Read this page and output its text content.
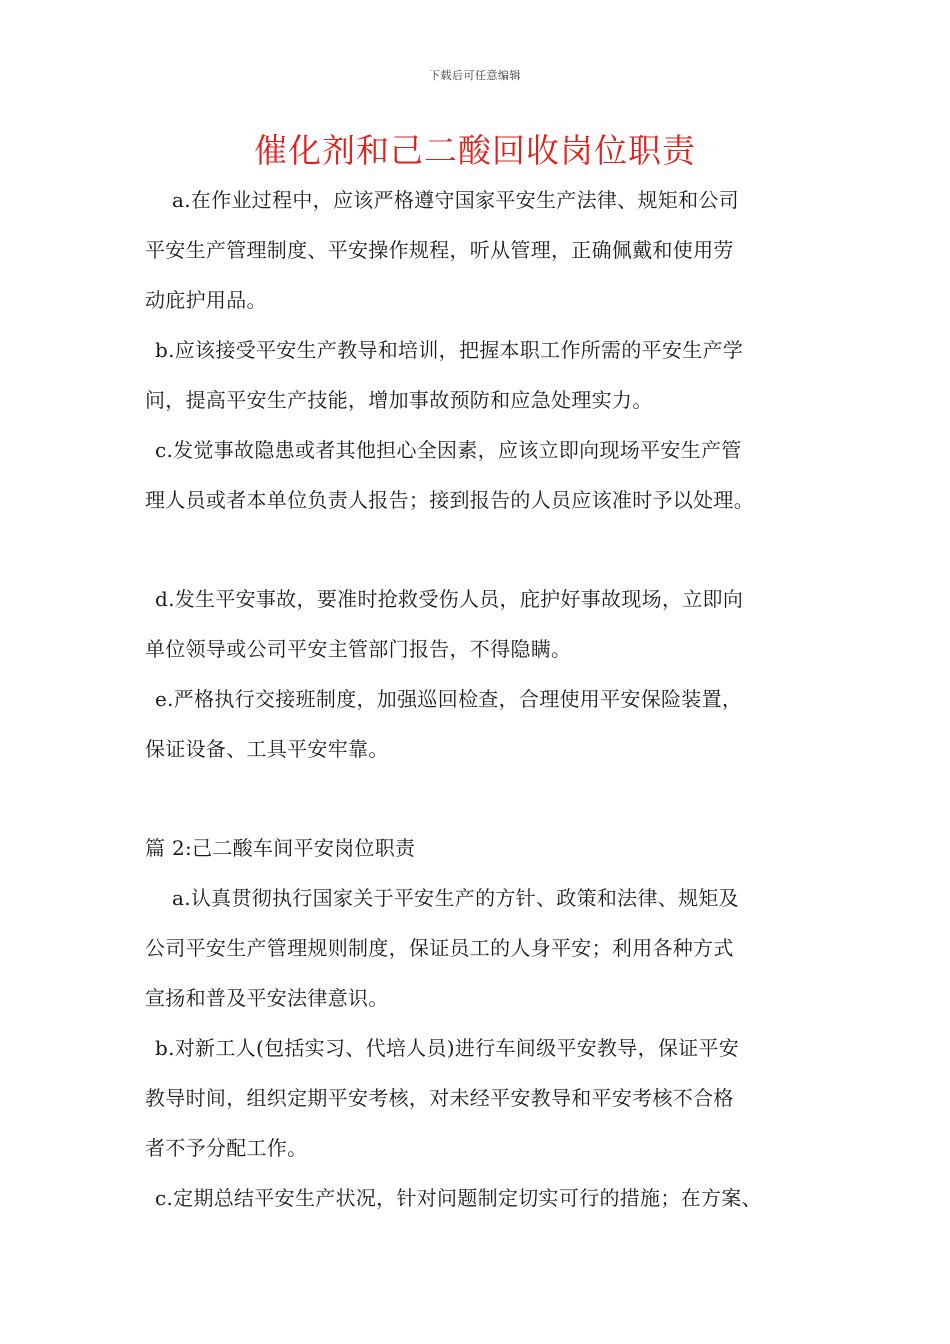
下载后可任意编辑
催化剂和己二酸回收岗位职责
a.在作业过程中，应该严格遵守国家平安生产法律、规矩和公司
平安生产管理制度、平安操作规程，听从管理，正确佩戴和使用劳
动庇护用品。
b.应该接受平安生产教导和培训，把握本职工作所需的平安生产学
问，提高平安生产技能，增加事故预防和应急处理实力。
c.发觉事故隐患或者其他担心全因素，应该立即向现场平安生产管
理人员或者本单位负责人报告；接到报告的人员应该准时予以处理。
d.发生平安事故，要准时抢救受伤人员，庇护好事故现场，立即向
单位领导或公司平安主管部门报告，不得隐瞒。
e.严格执行交接班制度，加强巡回检查，合理使用平安保险装置，
保证设备、工具平安牢靠。
篇 2:己二酸车间平安岗位职责
a.认真贯彻执行国家关于平安生产的方针、政策和法律、规矩及
公司平安生产管理规则制度，保证员工的人身平安；利用各种方式
宣扬和普及平安法律意识。
b.对新工人(包括实习、代培人员)进行车间级平安教导，保证平安
教导时间，组织定期平安考核，对未经平安教导和平安考核不合格
者不予分配工作。
c.定期总结平安生产状况，针对问题制定切实可行的措施；在方案、
